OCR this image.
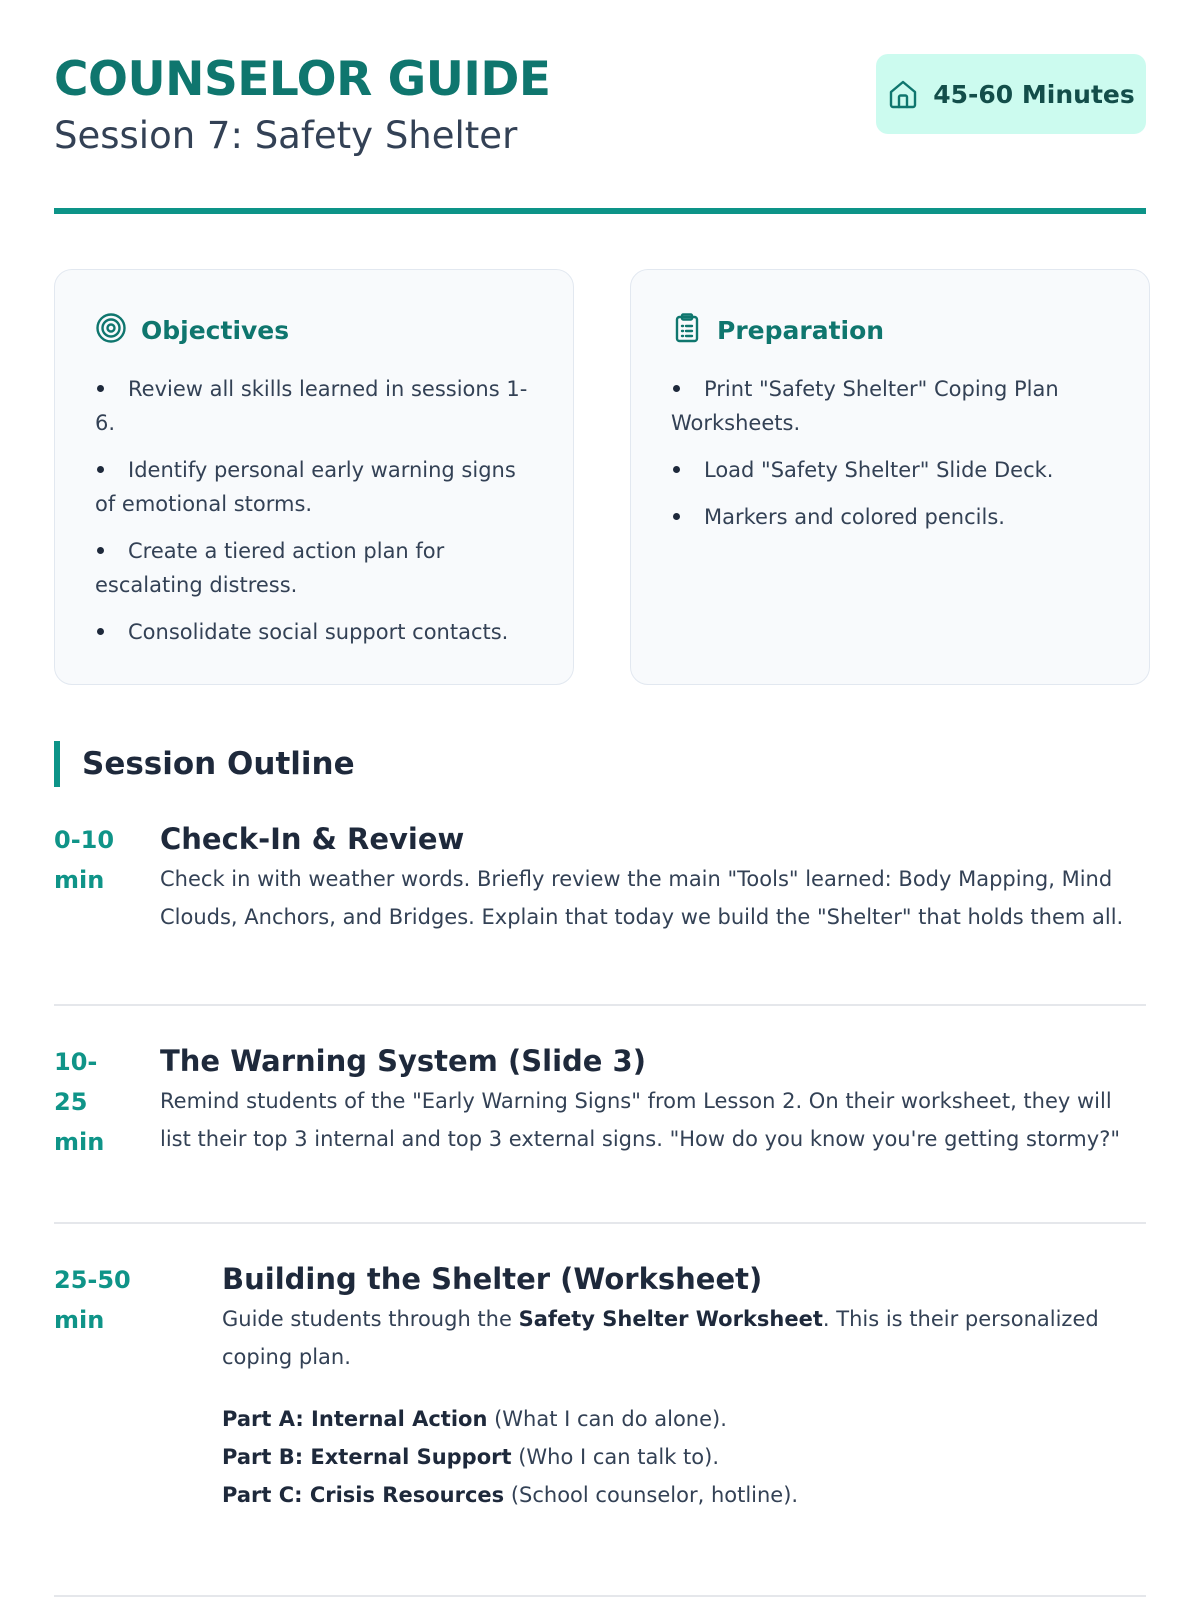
COUNSELOR GUIDE
Session 7: Safety Shelter
45-60 Minutes
Objectives
Review all skills learned in sessions 1-6.
Identify personal early warning signs of emotional storms.
Create a tiered action plan for escalating distress.
Consolidate social support contacts.
Preparation
Print "Safety Shelter" Coping Plan Worksheets.
Load "Safety Shelter" Slide Deck.
Markers and colored pencils.
Session Outline
0-10 min
Check-In & Review

Check in with weather words. Briefly review the main "Tools" learned: Body Mapping, Mind Clouds, Anchors, and Bridges. Explain that today we build the "Shelter" that holds them all.

10-25 min
The Warning System (Slide 3)

Remind students of the "Early Warning Signs" from Lesson 2. On their worksheet, they will list their top 3 internal and top 3 external signs. "How do you know you're getting stormy?"

25-50 min
Building the Shelter (Worksheet)

Guide students through the Safety Shelter Worksheet. This is their personalized coping plan.

Part A: Internal Action (What I can do alone).
Part B: External Support (Who I can talk to).
Part C: Crisis Resources (School counselor, hotline).
